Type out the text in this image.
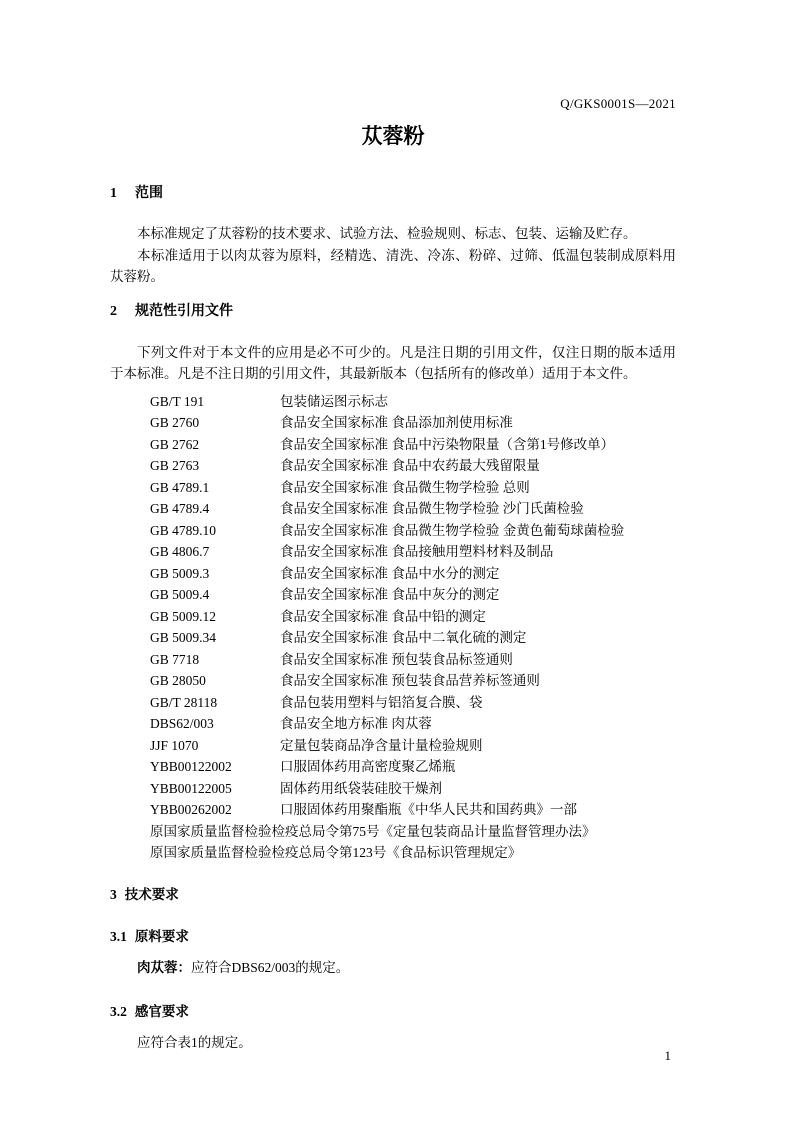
Q/GKS0001S—2021
苁蓉粉
1 范围

本标准规定了苁蓉粉的技术要求、试验方法、检验规则、标志、包装、运输及贮存。

本标准适用于以肉苁蓉为原料，经精选、清洗、冷冻、粉碎、过筛、低温包装制成原料用苁蓉粉。

2 规范性引用文件

下列文件对于本文件的应用是必不可少的。凡是注日期的引用文件，仅注日期的版本适用于本标准。凡是不注日期的引用文件，其最新版本（包括所有的修改单）适用于本文件。

GB/T 191	包装储运图示标志
GB 2760	食品安全国家标准 食品添加剂使用标准
GB 2762	食品安全国家标准 食品中污染物限量（含第1号修改单）
GB 2763	食品安全国家标准 食品中农药最大残留限量
GB 4789.1	食品安全国家标准 食品微生物学检验 总则
GB 4789.4	食品安全国家标准 食品微生物学检验 沙门氏菌检验
GB 4789.10	食品安全国家标准 食品微生物学检验 金黄色葡萄球菌检验
GB 4806.7	食品安全国家标准 食品接触用塑料材料及制品
GB 5009.3	食品安全国家标准 食品中水分的测定
GB 5009.4	食品安全国家标准 食品中灰分的测定
GB 5009.12	食品安全国家标准 食品中铅的测定
GB 5009.34	食品安全国家标准 食品中二氧化硫的测定
GB 7718	食品安全国家标准 预包装食品标签通则
GB 28050	食品安全国家标准 预包装食品营养标签通则
GB/T 28118	食品包装用塑料与铝箔复合膜、袋
DBS62/003	食品安全地方标准 肉苁蓉
JJF 1070	定量包装商品净含量计量检验规则
YBB00122002	口服固体药用高密度聚乙烯瓶
YBB00122005	固体药用纸袋装硅胶干燥剂
YBB00262002	口服固体药用聚酯瓶《中华人民共和国药典》一部
原国家质量监督检验检疫总局令第75号《定量包装商品计量监督管理办法》
原国家质量监督检验检疫总局令第123号《食品标识管理规定》
3 技术要求
3.1 原料要求

肉苁蓉：应符合DBS62/003的规定。

3.2 感官要求

应符合表1的规定。

1
